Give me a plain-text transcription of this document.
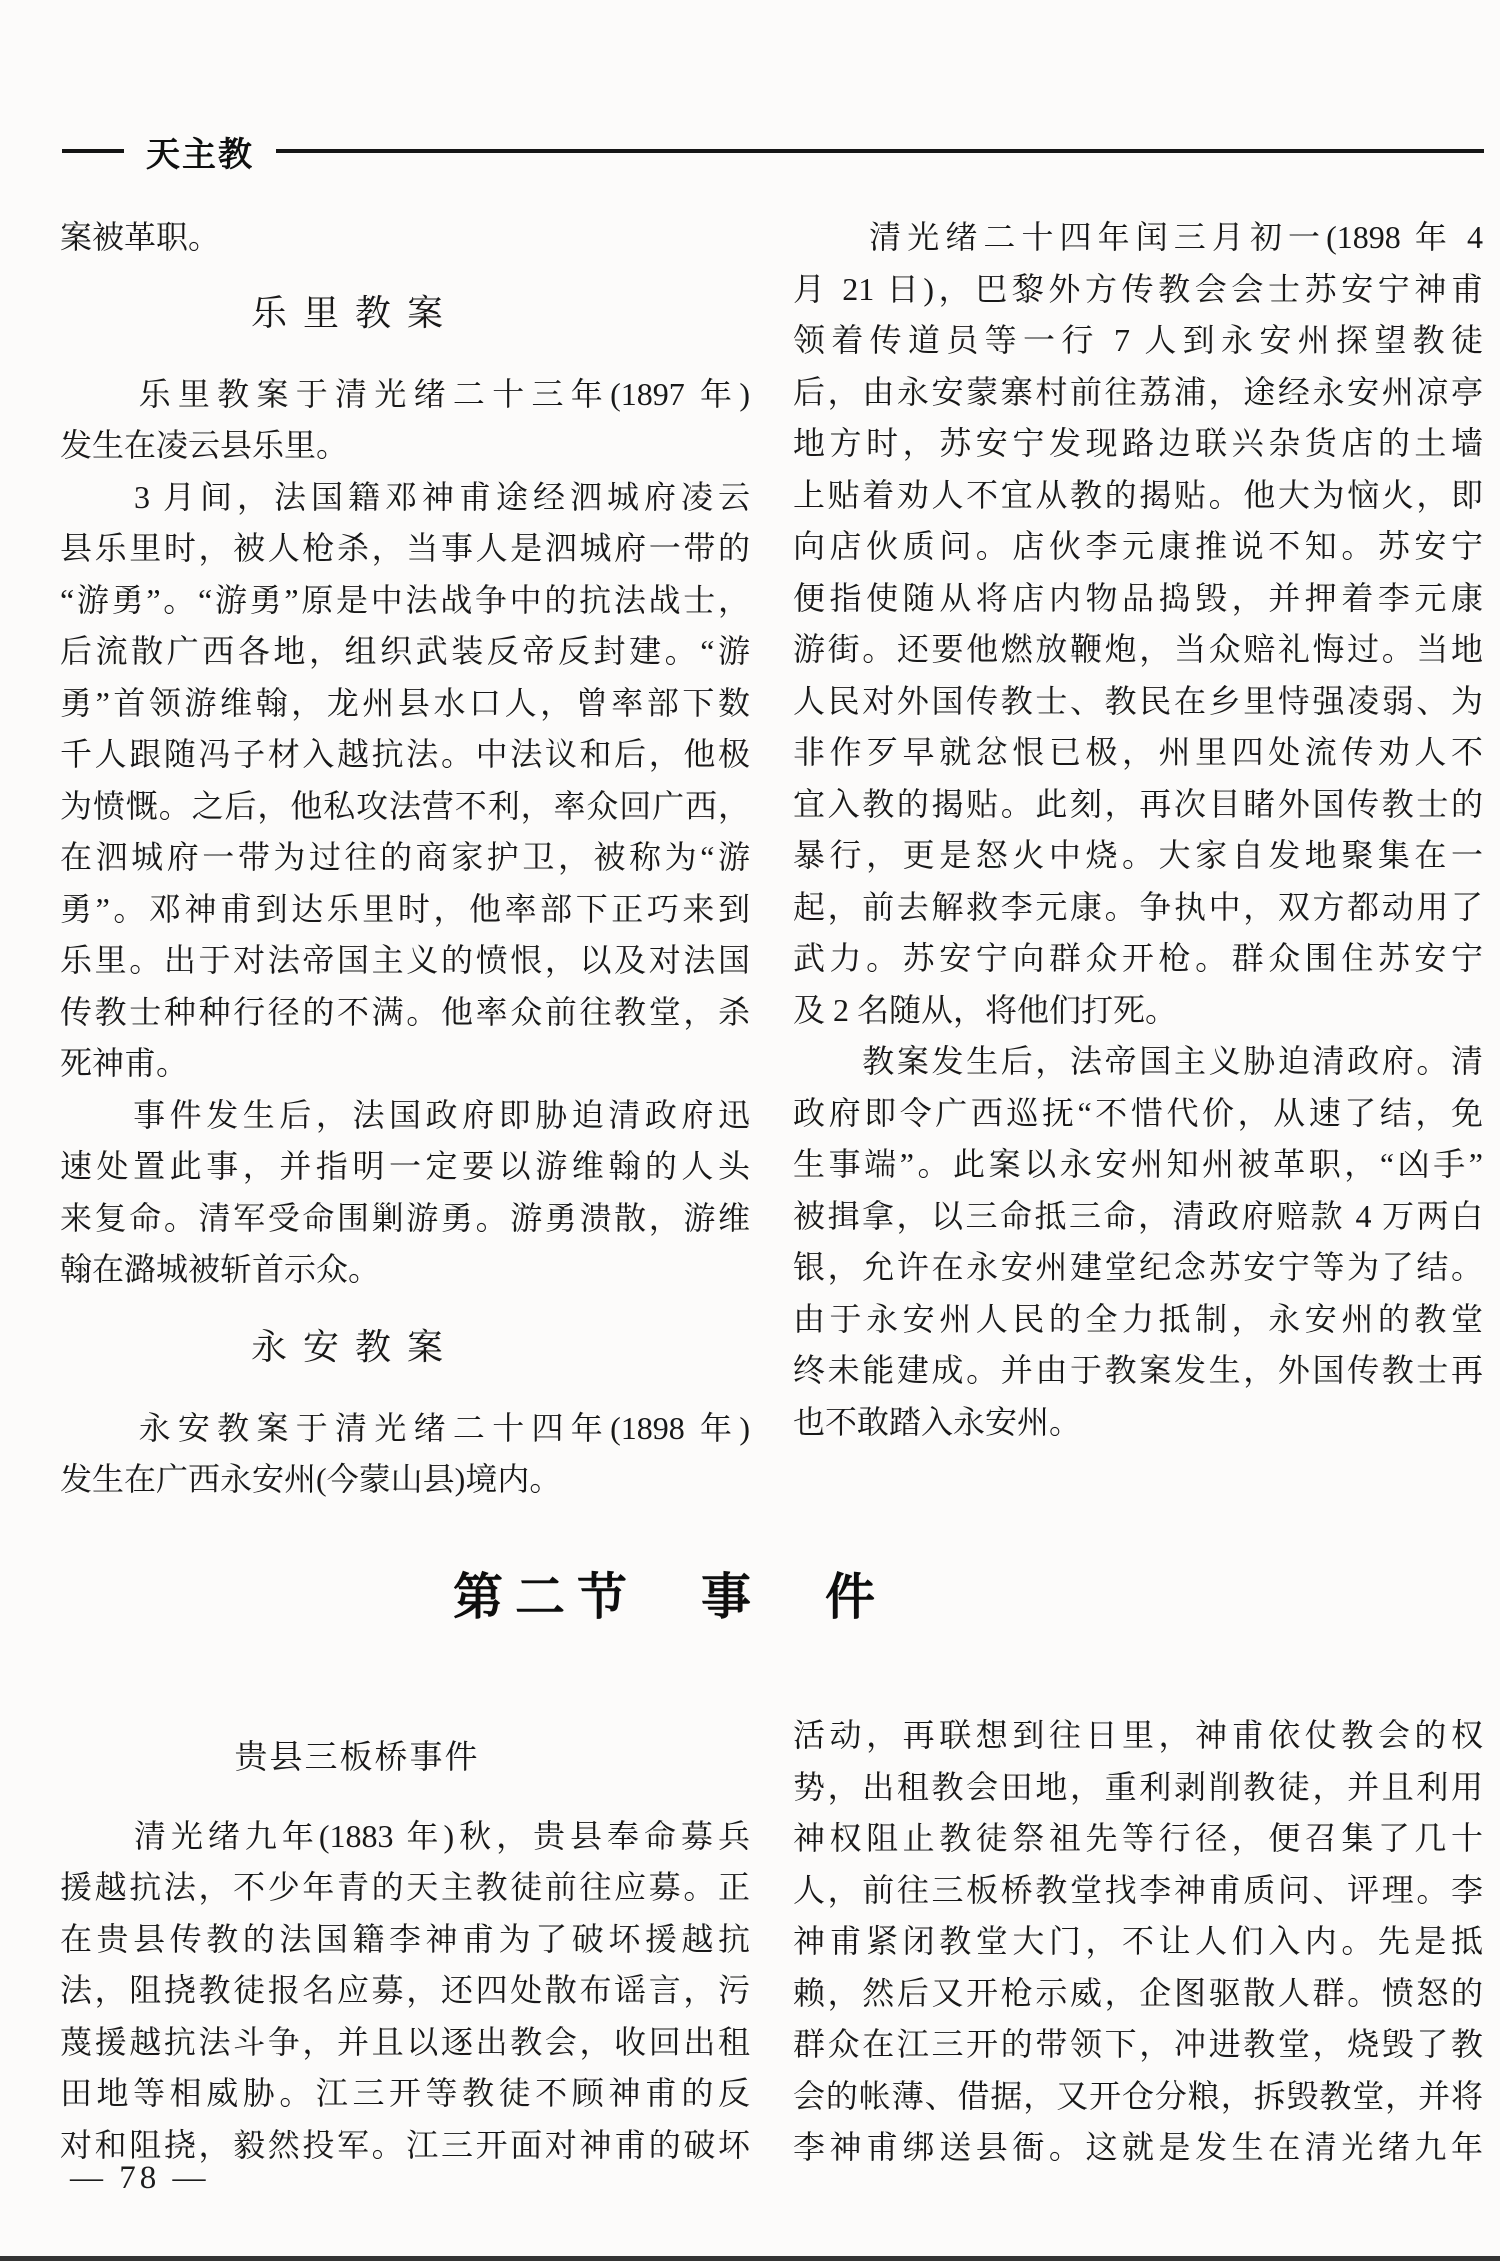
天主教
案被革职。
乐里教案
　　乐里教案于清光绪二十三年(1897 年)
发生在凌云县乐里。
　　3 月间，法国籍邓神甫途经泗城府凌云
县乐里时，被人枪杀，当事人是泗城府一带的
“游勇”。“游勇”原是中法战争中的抗法战士，
后流散广西各地，组织武装反帝反封建。“游
勇”首领游维翰，龙州县水口人，曾率部下数
千人跟随冯子材入越抗法。中法议和后，他极
为愤慨。之后，他私攻法营不利，率众回广西，
在泗城府一带为过往的商家护卫，被称为“游
勇”。邓神甫到达乐里时，他率部下正巧来到
乐里。出于对法帝国主义的愤恨，以及对法国
传教士种种行径的不满。他率众前往教堂，杀
死神甫。
　　事件发生后，法国政府即胁迫清政府迅
速处置此事，并指明一定要以游维翰的人头
来复命。清军受命围剿游勇。游勇溃散，游维
翰在潞城被斩首示众。
永安教案
　　永安教案于清光绪二十四年(1898 年)
发生在广西永安州(今蒙山县)境内。
　　清光绪二十四年闰三月初一(1898 年 4
月 21 日)，巴黎外方传教会会士苏安宁神甫
领着传道员等一行 7 人到永安州探望教徒
后，由永安蒙寨村前往荔浦，途经永安州凉亭
地方时，苏安宁发现路边联兴杂货店的土墙
上贴着劝人不宜从教的揭贴。他大为恼火，即
向店伙质问。店伙李元康推说不知。苏安宁
便指使随从将店内物品捣毁，并押着李元康
游街。还要他燃放鞭炮，当众赔礼悔过。当地
人民对外国传教士、教民在乡里恃强凌弱、为
非作歹早就忿恨已极，州里四处流传劝人不
宜入教的揭贴。此刻，再次目睹外国传教士的
暴行，更是怒火中烧。大家自发地聚集在一
起，前去解救李元康。争执中，双方都动用了
武力。苏安宁向群众开枪。群众围住苏安宁
及 2 名随从，将他们打死。
　　教案发生后，法帝国主义胁迫清政府。清
政府即令广西巡抚“不惜代价，从速了结，免
生事端”。此案以永安州知州被革职，“凶手”
被揖拿，以三命抵三命，清政府赔款 4 万两白
银，允许在永安州建堂纪念苏安宁等为了结。
由于永安州人民的全力抵制，永安州的教堂
终未能建成。并由于教案发生，外国传教士再
也不敢踏入永安州。
第二节　事　件
贵县三板桥事件
　　清光绪九年(1883 年)秋，贵县奉命募兵
援越抗法，不少年青的天主教徒前往应募。正
在贵县传教的法国籍李神甫为了破坏援越抗
法，阻挠教徒报名应募，还四处散布谣言，污
蔑援越抗法斗争，并且以逐出教会，收回出租
田地等相威胁。江三开等教徒不顾神甫的反
对和阻挠，毅然投军。江三开面对神甫的破坏
活动，再联想到往日里，神甫依仗教会的权
势，出租教会田地，重利剥削教徒，并且利用
神权阻止教徒祭祖先等行径，便召集了几十
人，前往三板桥教堂找李神甫质问、评理。李
神甫紧闭教堂大门，不让人们入内。先是抵
赖，然后又开枪示威，企图驱散人群。愤怒的
群众在江三开的带领下，冲进教堂，烧毁了教
会的帐薄、借据，又开仓分粮，拆毁教堂，并将
李神甫绑送县衙。这就是发生在清光绪九年
— 78 —
